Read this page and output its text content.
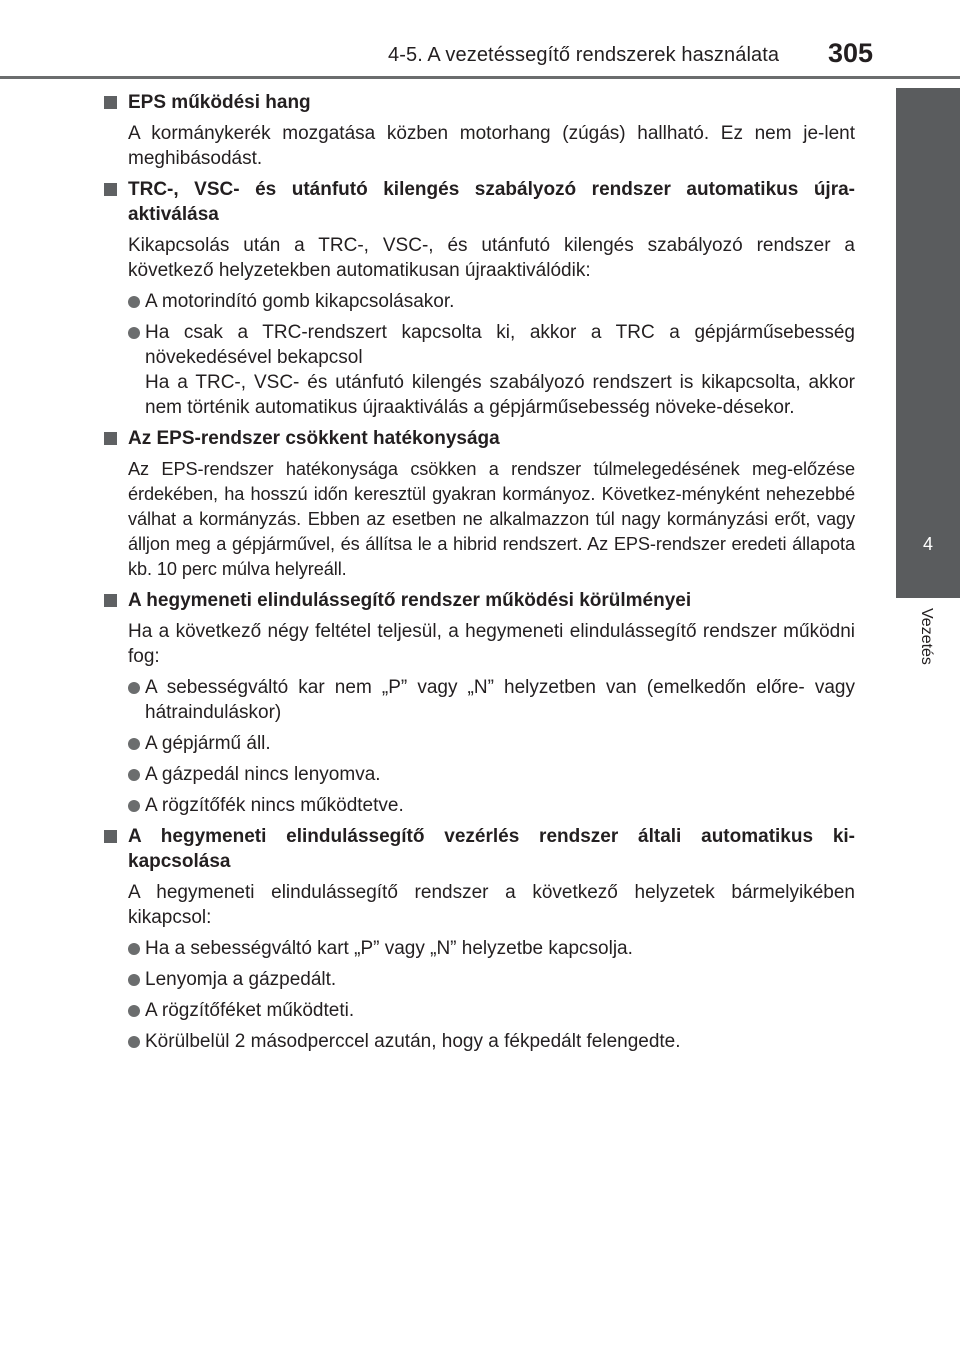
4-5. A vezetéssegítő rendszerek használata 305
4
Vezetés
EPS működési hang
A kormánykerék mozgatása közben motorhang (zúgás) hallható. Ez nem je-lent meghibásodást.
TRC-, VSC- és utánfutó kilengés szabályozó rendszer automatikus újra-aktiválása
Kikapcsolás után a TRC-, VSC-, és utánfutó kilengés szabályozó rendszer a következő helyzetekben automatikusan újraaktiválódik:
A motorindító gomb kikapcsolásakor.
Ha csak a TRC-rendszert kapcsolta ki, akkor a TRC a gépjárműsebesség növekedésével bekapcsol
Ha a TRC-, VSC- és utánfutó kilengés szabályozó rendszert is kikapcsolta, akkor nem történik automatikus újraaktiválás a gépjárműsebesség növeke-désekor.
Az EPS-rendszer csökkent hatékonysága
Az EPS-rendszer hatékonysága csökken a rendszer túlmelegedésének meg-előzése érdekében, ha hosszú időn keresztül gyakran kormányoz. Következ-ményként nehezebbé válhat a kormányzás. Ebben az esetben ne alkalmazzon túl nagy kormányzási erőt, vagy álljon meg a gépjárművel, és állítsa le a hibrid rendszert. Az EPS-rendszer eredeti állapota kb. 10 perc múlva helyreáll.
A hegymeneti elindulássegítő rendszer működési körülményei
Ha a következő négy feltétel teljesül, a hegymeneti elindulássegítő rendszer működni fog:
A sebességváltó kar nem „P” vagy „N” helyzetben van (emelkedőn előre- vagy hátrainduláskor)
A gépjármű áll.
A gázpedál nincs lenyomva.
A rögzítőfék nincs működtetve.
A hegymeneti elindulássegítő vezérlés rendszer általi automatikus ki-kapcsolása
A hegymeneti elindulássegítő rendszer a következő helyzetek bármelyikében kikapcsol:
Ha a sebességváltó kart „P” vagy „N” helyzetbe kapcsolja.
Lenyomja a gázpedált.
A rögzítőféket működteti.
Körülbelül 2 másodperccel azután, hogy a fékpedált felengedte.
